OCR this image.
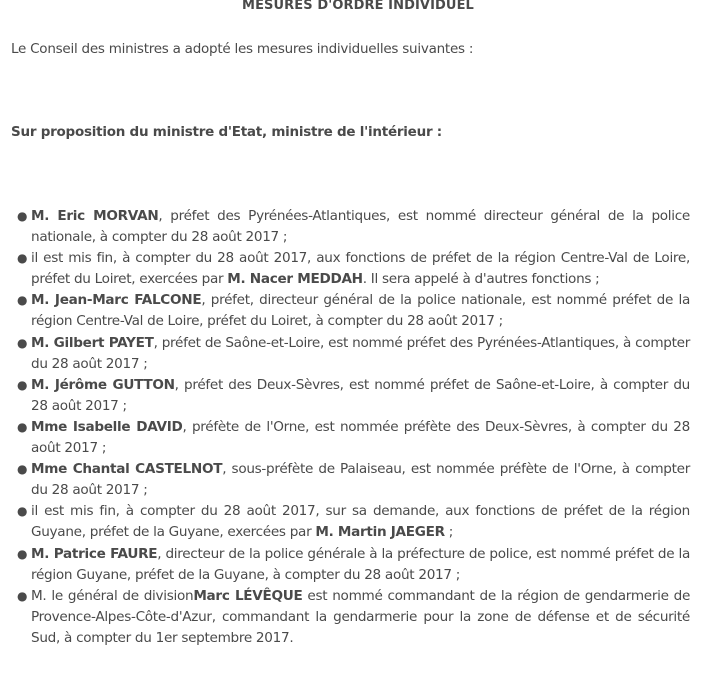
MESURES D'ORDRE INDIVIDUEL
Le Conseil des ministres a adopté les mesures individuelles suivantes :
Sur proposition du ministre d'Etat, ministre de l'intérieur :
● M. Eric MORVAN, préfet des Pyrénées-Atlantiques, est nommé directeur général de la police nationale, à compter du 28 août 2017 ;
● il est mis fin, à compter du 28 août 2017, aux fonctions de préfet de la région Centre-Val de Loire, préfet du Loiret, exercées par M. Nacer MEDDAH. Il sera appelé à d'autres fonctions ;
● M. Jean-Marc FALCONE, préfet, directeur général de la police nationale, est nommé préfet de la région Centre-Val de Loire, préfet du Loiret, à compter du 28 août 2017 ;
● M. Gilbert PAYET, préfet de Saône-et-Loire, est nommé préfet des Pyrénées-Atlantiques, à compter du 28 août 2017 ;
● M. Jérôme GUTTON, préfet des Deux-Sèvres, est nommé préfet de Saône-et-Loire, à compter du 28 août 2017 ;
● Mme Isabelle DAVID, préfète de l'Orne, est nommée préfète des Deux-Sèvres, à compter du 28 août 2017 ;
● Mme Chantal CASTELNOT, sous-préfète de Palaiseau, est nommée préfète de l'Orne, à compter du 28 août 2017 ;
● il est mis fin, à compter du 28 août 2017, sur sa demande, aux fonctions de préfet de la région Guyane, préfet de la Guyane, exercées par M. Martin JAEGER ;
● M. Patrice FAURE, directeur de la police générale à la préfecture de police, est nommé préfet de la région Guyane, préfet de la Guyane, à compter du 28 août 2017 ;
● M. le général de divisionMarc LÉVÊQUE est nommé commandant de la région de gendarmerie de Provence-Alpes-Côte-d'Azur, commandant la gendarmerie pour la zone de défense et de sécurité Sud, à compter du 1er septembre 2017.
